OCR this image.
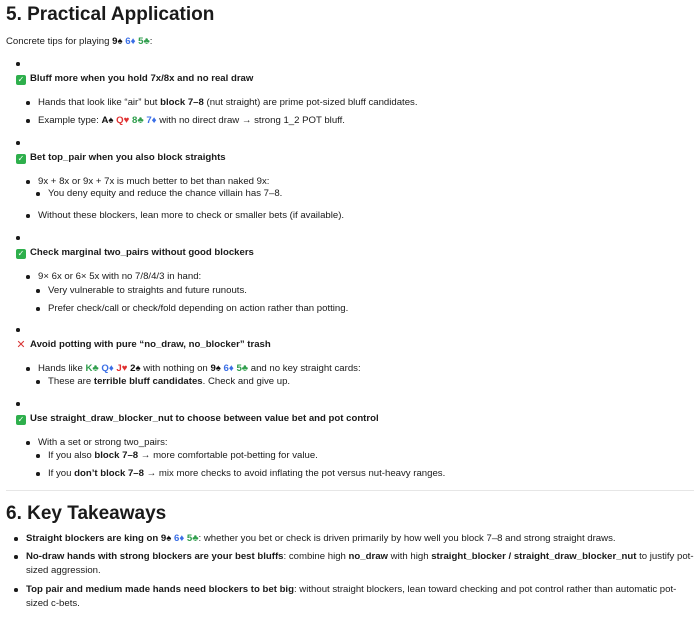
5. Practical Application
Concrete tips for playing 9♠ 6♦ 5♣:
✓ Bluff more when you hold 7x/8x and no real draw
Hands that look like “air” but block 7–8 (nut straight) are prime pot-sized bluff candidates.
Example type: A♠ Q♥ 8♣ 7♦ with no direct draw → strong 1_2 POT bluff.
✓ Bet top_pair when you also block straights
9x + 8x or 9x + 7x is much better to bet than naked 9x:
You deny equity and reduce the chance villain has 7–8.
Without these blockers, lean more to check or smaller bets (if available).
✓ Check marginal two_pairs without good blockers
9× 6x or 6× 5x with no 7/8/4/3 in hand:
Very vulnerable to straights and future runouts.
Prefer check/call or check/fold depending on action rather than potting.
✕ Avoid potting with pure “no_draw, no_blocker” trash
Hands like K♣ Q♦ J♥ 2♠ with nothing on 9♠ 6♦ 5♣ and no key straight cards:
These are terrible bluff candidates. Check and give up.
✓ Use straight_draw_blocker_nut to choose between value bet and pot control
With a set or strong two_pairs:
If you also block 7–8 → more comfortable pot-betting for value.
If you don’t block 7–8 → mix more checks to avoid inflating the pot versus nut-heavy ranges.
6. Key Takeaways
Straight blockers are king on 9♠ 6♦ 5♣: whether you bet or check is driven primarily by how well you block 7–8 and strong straight draws.
No-draw hands with strong blockers are your best bluffs: combine high no_draw with high straight_blocker / straight_draw_blocker_nut to justify pot-sized aggression.
Top pair and medium made hands need blockers to bet big: without straight blockers, lean toward checking and pot control rather than automatic pot-sized c-bets.
